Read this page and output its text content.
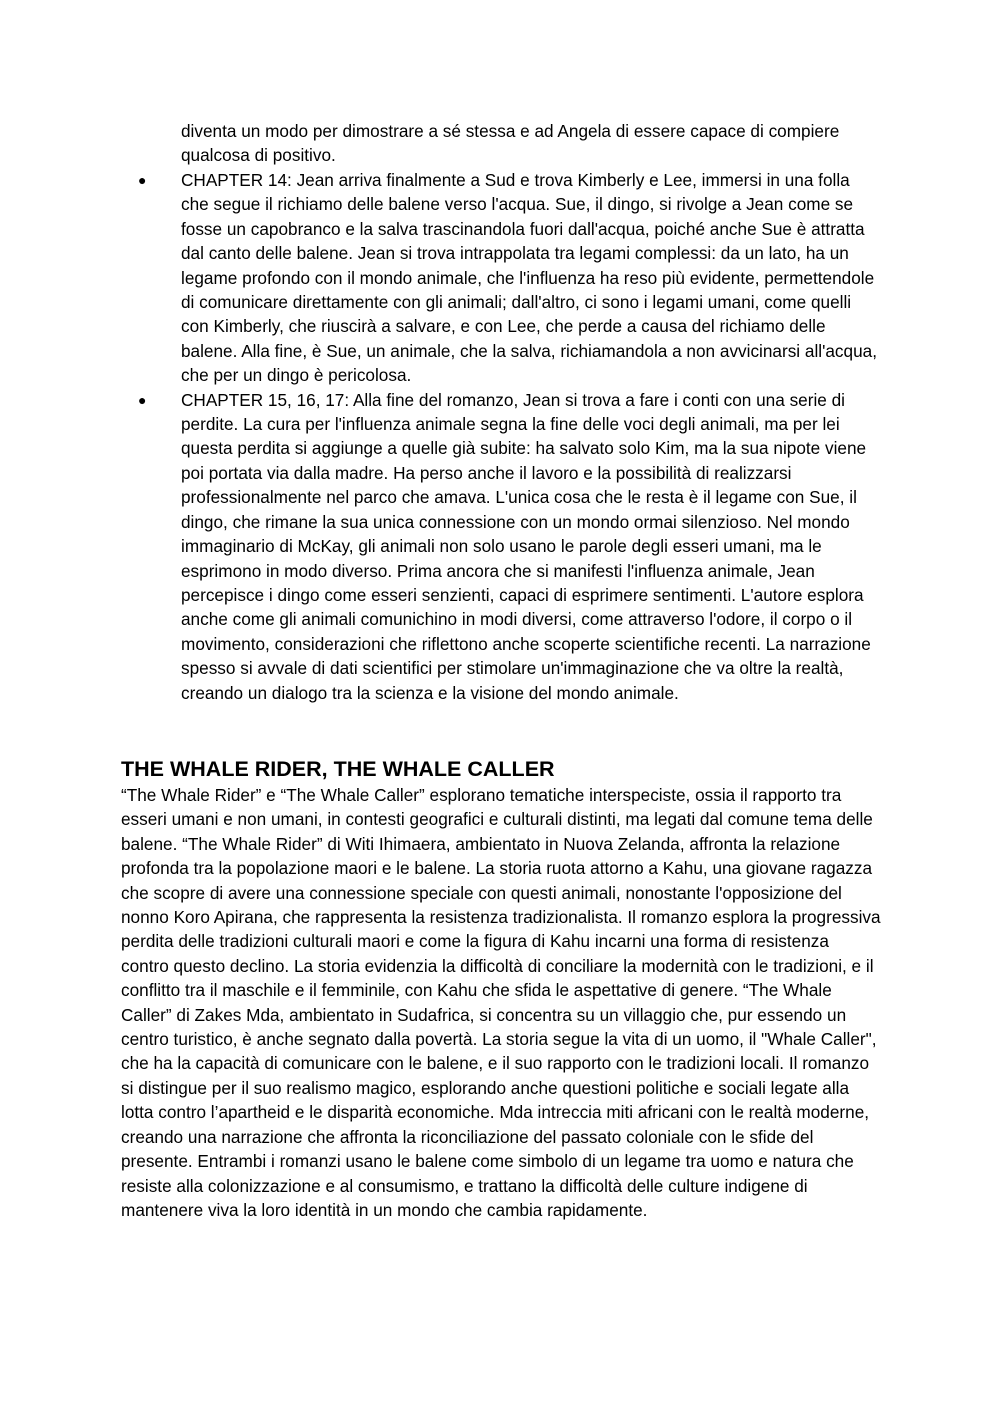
diventa un modo per dimostrare a sé stessa e ad Angela di essere capace di compiere qualcosa di positivo.

● CHAPTER 14: Jean arriva finalmente a Sud e trova Kimberly e Lee, immersi in una folla che segue il richiamo delle balene verso l'acqua. Sue, il dingo, si rivolge a Jean come se fosse un capobranco e la salva trascinandola fuori dall'acqua, poiché anche Sue è attratta dal canto delle balene. Jean si trova intrappolata tra legami complessi: da un lato, ha un legame profondo con il mondo animale, che l'influenza ha reso più evidente, permettendole di comunicare direttamente con gli animali; dall'altro, ci sono i legami umani, come quelli con Kimberly, che riuscirà a salvare, e con Lee, che perde a causa del richiamo delle balene. Alla fine, è Sue, un animale, che la salva, richiamandola a non avvicinarsi all'acqua, che per un dingo è pericolosa.
● CHAPTER 15, 16, 17: Alla fine del romanzo, Jean si trova a fare i conti con una serie di perdite. La cura per l'influenza animale segna la fine delle voci degli animali, ma per lei questa perdita si aggiunge a quelle già subite: ha salvato solo Kim, ma la sua nipote viene poi portata via dalla madre. Ha perso anche il lavoro e la possibilità di realizzarsi professionalmente nel parco che amava. L'unica cosa che le resta è il legame con Sue, il dingo, che rimane la sua unica connessione con un mondo ormai silenzioso. Nel mondo immaginario di McKay, gli animali non solo usano le parole degli esseri umani, ma le esprimono in modo diverso. Prima ancora che si manifesti l'influenza animale, Jean percepisce i dingo come esseri senzienti, capaci di esprimere sentimenti. L'autore esplora anche come gli animali comunichino in modi diversi, come attraverso l'odore, il corpo o il movimento, considerazioni che riflettono anche scoperte scientifiche recenti. La narrazione spesso si avvale di dati scientifici per stimolare un'immaginazione che va oltre la realtà, creando un dialogo tra la scienza e la visione del mondo animale.
THE WHALE RIDER, THE WHALE CALLER

“The Whale Rider” e “The Whale Caller” esplorano tematiche interspeciste, ossia il rapporto tra esseri umani e non umani, in contesti geografici e culturali distinti, ma legati dal comune tema delle balene. “The Whale Rider” di Witi Ihimaera, ambientato in Nuova Zelanda, affronta la relazione profonda tra la popolazione maori e le balene. La storia ruota attorno a Kahu, una giovane ragazza che scopre di avere una connessione speciale con questi animali, nonostante l'opposizione del nonno Koro Apirana, che rappresenta la resistenza tradizionalista. Il romanzo esplora la progressiva perdita delle tradizioni culturali maori e come la figura di Kahu incarni una forma di resistenza contro questo declino. La storia evidenzia la difficoltà di conciliare la modernità con le tradizioni, e il conflitto tra il maschile e il femminile, con Kahu che sfida le aspettative di genere. “The Whale Caller” di Zakes Mda, ambientato in Sudafrica, si concentra su un villaggio che, pur essendo un centro turistico, è anche segnato dalla povertà. La storia segue la vita di un uomo, il "Whale Caller", che ha la capacità di comunicare con le balene, e il suo rapporto con le tradizioni locali. Il romanzo si distingue per il suo realismo magico, esplorando anche questioni politiche e sociali legate alla lotta contro l’apartheid e le disparità economiche. Mda intreccia miti africani con le realtà moderne, creando una narrazione che affronta la riconciliazione del passato coloniale con le sfide del presente. Entrambi i romanzi usano le balene come simbolo di un legame tra uomo e natura che resiste alla colonizzazione e al consumismo, e trattano la difficoltà delle culture indigene di mantenere viva la loro identità in un mondo che cambia rapidamente.
